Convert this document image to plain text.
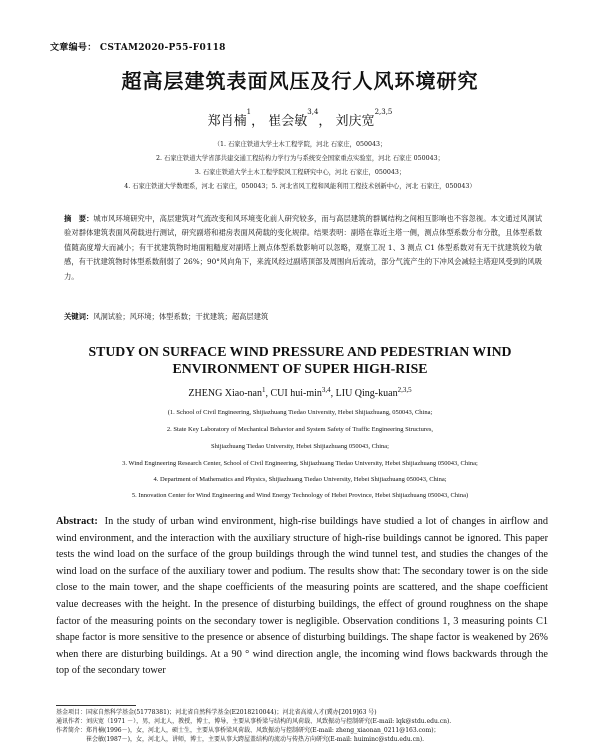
文章编号： CSTAM2020-P55-F0118
超高层建筑表面风压及行人风环境研究
郑肖楠$^1$， 崔会敏$^{3,4}$， 刘庆宽$^{2,3,5}$
（1. 石家庄铁道大学土木工程学院，河北 石家庄，050043；
2. 石家庄铁道大学省部共建交通工程结构力学行为与系统安全国家重点实验室，河北 石家庄 050043；
3. 石家庄铁道大学土木工程学院风工程研究中心，河北 石家庄，050043；
4. 石家庄铁道大学数理系，河北 石家庄，050043；5. 河北省风工程和风能利用工程技术创新中心，河北 石家庄，050043）
摘　要：城市风环境研究中，高层建筑对气流改变和风环境变化前人研究较多，而与高层建筑的群属结构之间相互影响也不容忽视。本文通过风洞试验对群体建筑表面风荷载进行测试，研究副塔和裙房表面风荷载的变化规律。结果表明：副塔在靠近主塔一侧，测点体型系数分布分散，且体型系数值随高度增大而减小；有干扰建筑物时地面粗糙度对副塔上测点体型系数影响可以忽略，观察工况 1、3 测点 C1 体型系数对有无干扰建筑较为敏感，有干扰建筑物时体型系数削弱了 26%；90°风向角下，来流风经过副塔顶部及周围向后流动，部分气流产生的下冲风会减轻主塔迎风受到的风吸力。
关键词：风洞试验；风环境；体型系数；干扰建筑；超高层建筑
STUDY ON SURFACE WIND PRESSURE AND PEDESTRIAN WIND
ENVIRONMENT OF SUPER HIGH-RISE
ZHENG Xiao-nan$^1$, CUI hui-$\min^{3,4}$, LIU Qing-kuan$^{2,3,5}$
(1. School of Civil Engineering, Shijiazhuang Tiedao University, Hebei Shijiazhuang, 050043, China;
2. State Key Laboratory of Mechanical Behavior and System Safety of Traffic Engineering Structures,
Shijiazhuang Tiedao University, Hebei Shijiazhuang 050043, China;
3. Wind Engineering Research Center, School of Civil Engineering, Shijiazhuang Tiedao University, Hebei Shijiazhuang 050043, China;
4. Department of Mathematics and Physics, Shijiazhuang Tiedao University, Hebei Shijiazhuang 050043, China;
5. Innovation Center for Wind Engineering and Wind Energy Technology of Hebei Province, Hebei Shijiazhuang 050043, China)
Abstract: In the study of urban wind environment, high-rise buildings have studied a lot of changes in airflow and wind environment, and the interaction with the auxiliary structure of high-rise buildings cannot be ignored. This paper tests the wind load on the surface of the group buildings through the wind tunnel test, and studies the changes of the wind load on the surface of the auxiliary tower and podium. The results show that: The secondary tower is on the side close to the main tower, and the shape coefficients of the measuring points are scattered, and the shape coefficient value decreases with the height. In the presence of disturbing buildings, the effect of ground roughness on the shape factor of the measuring points on the secondary tower is negligible. Observation conditions 1, 3 measuring points C1 shape factor is more sensitive to the presence or absence of disturbing buildings. The shape factor is weakened by 26% when there are disturbing buildings. At a 90 ° wind direction angle, the incoming wind flows backwards through the top of the secondary tower
基金项目：国家自然科学基金(51778381)；河北省自然科学基金(E2018210044)；河北省高端人才(冀办[2019]63 号)
通讯作者：刘庆宽（1971 －），男，河北人，教授，博士，博导，主要从事桥梁与结构的风荷载、风致振动与控制研究(E-mail: lqk@stdu.edu.cn).
作者简介：郑肖楠(1996－)，女，河北人，硕士生，主要从事桥梁风荷载、风致振动与控制研究(E-mail: zheng_xiaonan_0211@163.com)；
　　　　　崔会敏(1987－)，女，河北人，讲师，博士，主要从事大跨屋盖结构的流动与传热方向研究(E-mail: huiminc@stdu.edu.cn).
